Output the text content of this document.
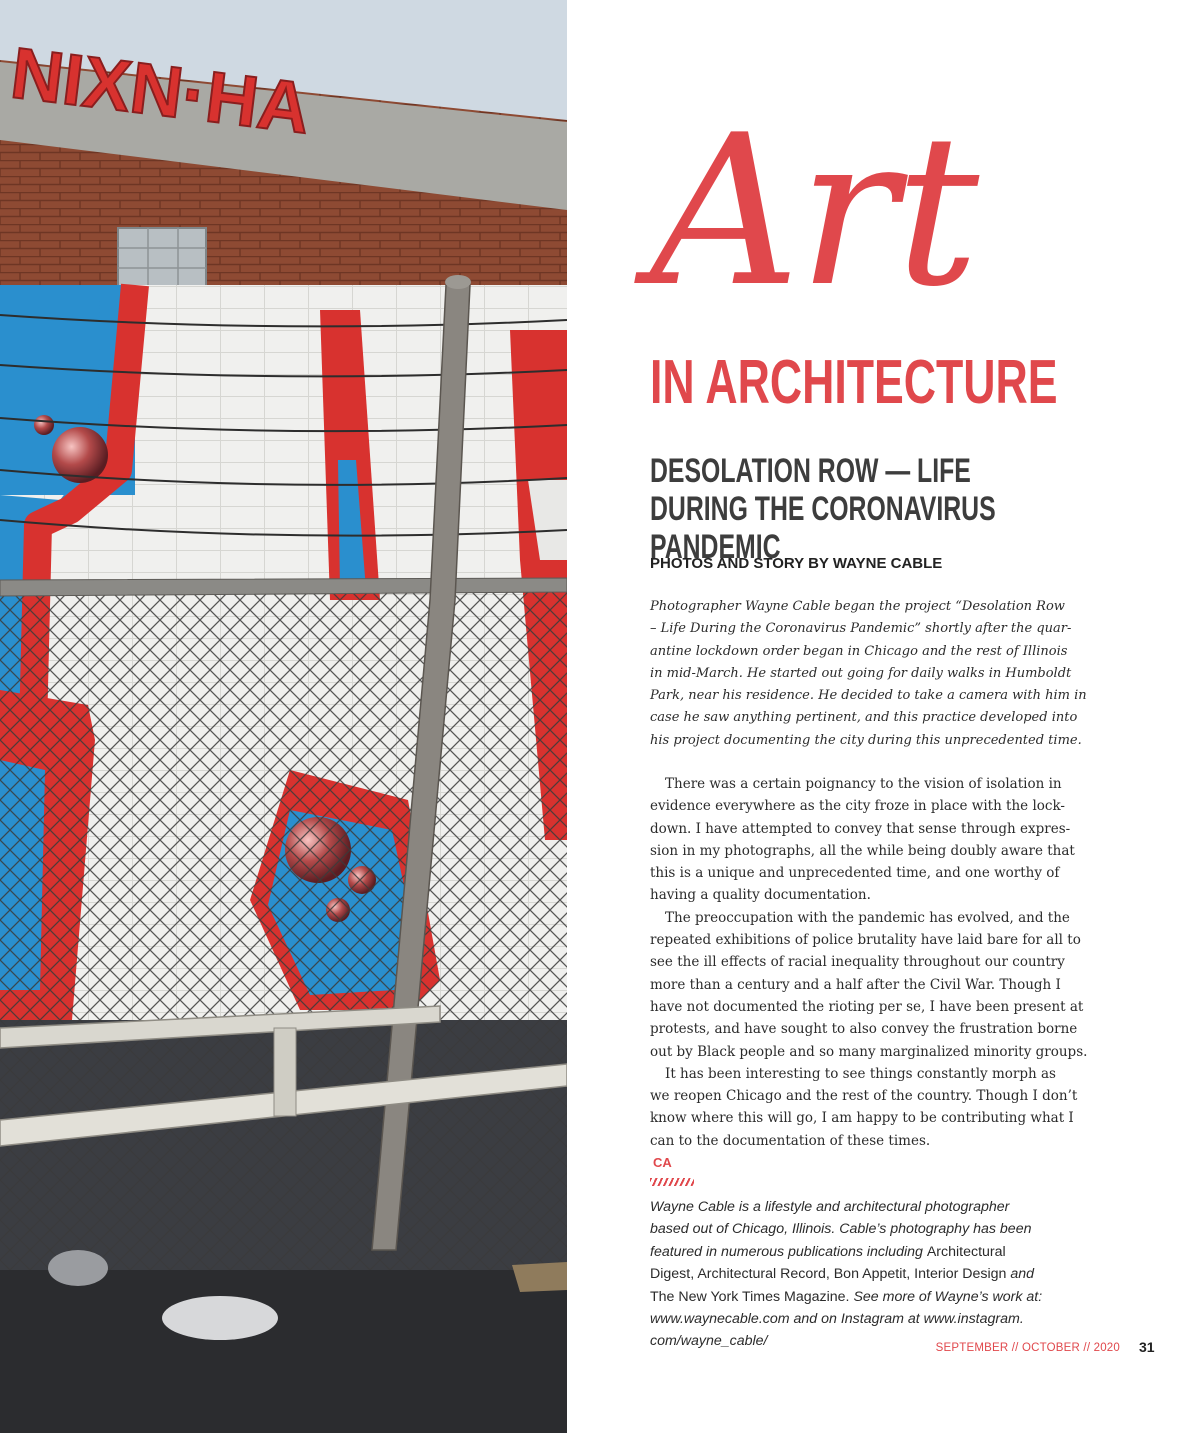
NIXN·HA Art
IN ARCHITECTURE
DESOLATION ROW — LIFE DURING THE CORONAVIRUS PANDEMIC

PHOTOS AND STORY BY WAYNE CABLE

Photographer Wayne Cable began the project “Desolation Row
– Life During the Coronavirus Pandemic” shortly after the quar-
antine lockdown order began in Chicago and the rest of Illinois
in mid-March. He started out going for daily walks in Humboldt
Park, near his residence. He decided to take a camera with him in
case he saw anything pertinent, and this practice developed into
his project documenting the city during this unprecedented time.

There was a certain poignancy to the vision of isolation in
evidence everywhere as the city froze in place with the lock-
down. I have attempted to convey that sense through expres-
sion in my photographs, all the while being doubly aware that
this is a unique and unprecedented time, and one worthy of
having a quality documentation.
The preoccupation with the pandemic has evolved, and the
repeated exhibitions of police brutality have laid bare for all to
see the ill effects of racial inequality throughout our country
more than a century and a half after the Civil War. Though I
have not documented the rioting per se, I have been present at
protests, and have sought to also convey the frustration borne
out by Black people and so many marginalized minority groups.
It has been interesting to see things constantly morph as
we reopen Chicago and the rest of the country. Though I don’t
know where this will go, I am happy to be contributing what I
can to the documentation of these times.
CA
Wayne Cable is a lifestyle and architectural photographer
based out of Chicago, Illinois. Cable’s photography has been
featured in numerous publications including Architectural
Digest, Architectural Record, Bon Appetit, Interior Design and
The New York Times Magazine. See more of Wayne’s work at:
www.waynecable.com and on Instagram at www.instagram.
com/wayne_cable/	SEPTEMBER // OCTOBER // 2020 31
